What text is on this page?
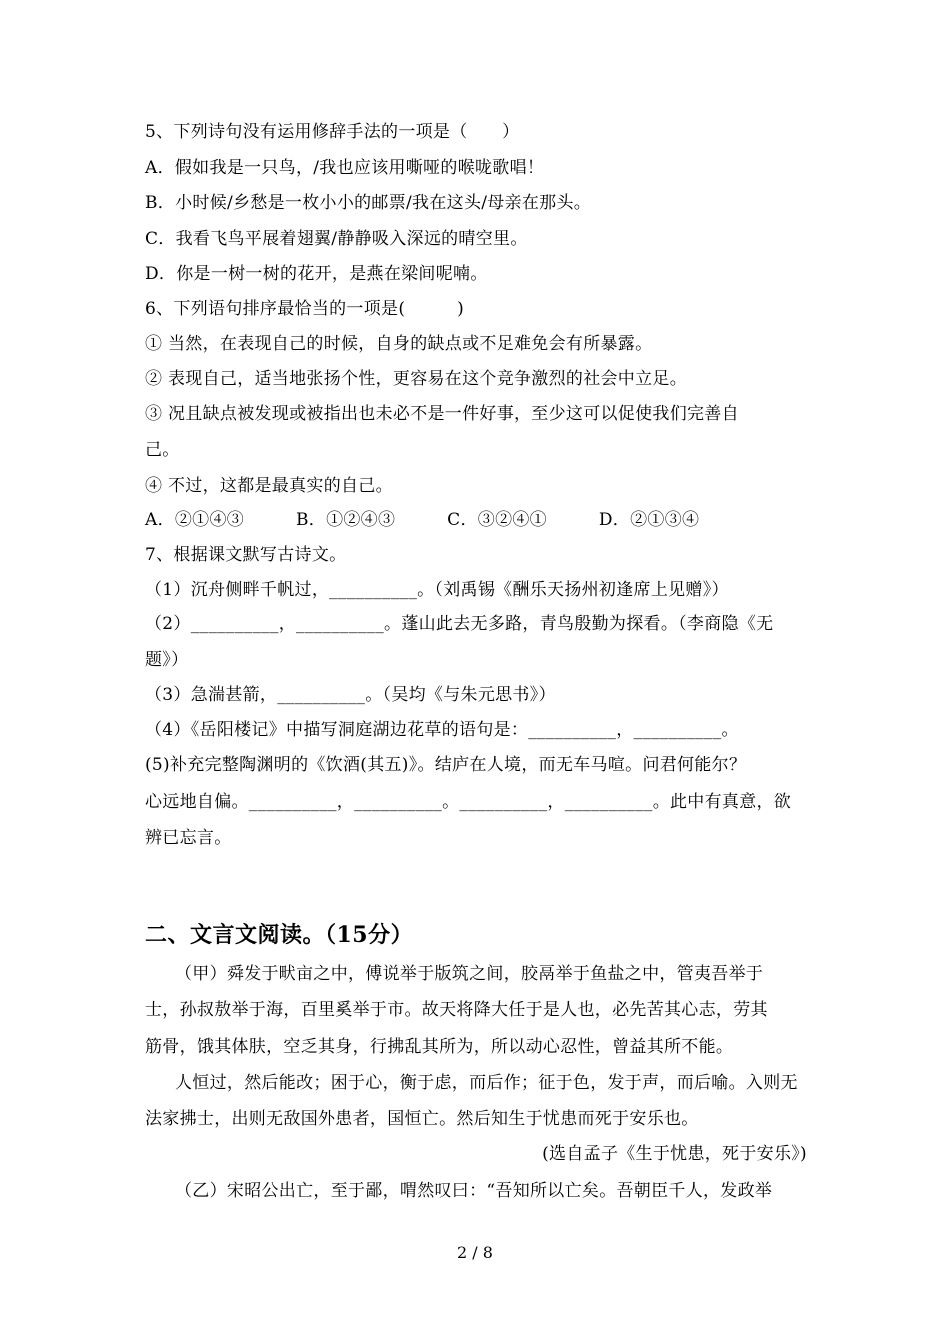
5、下列诗句没有运用修辞手法的一项是（　　）
A．假如我是一只鸟，/我也应该用嘶哑的喉咙歌唱！
B．小时候/乡愁是一枚小小的邮票/我在这头/母亲在那头。
C．我看飞鸟平展着翅翼/静静吸入深远的晴空里。
D．你是一树一树的花开，是燕在梁间呢喃。
6、下列语句排序最恰当的一项是(　　　)
① 当然，在表现自己的时候，自身的缺点或不足难免会有所暴露。
② 表现自己，适当地张扬个性，更容易在这个竞争激烈的社会中立足。
③ 况且缺点被发现或被指出也未必不是一件好事，至少这可以促使我们完善自
己。
④ 不过，这都是最真实的自己。
A．②①④③　　　B．①②④③　　　C．③②④①　　　D．②①③④
7、根据课文默写古诗文。
（1）沉舟侧畔千帆过，__________。（刘禹锡《酬乐天扬州初逢席上见赠》）
（2）__________，__________。蓬山此去无多路，青鸟殷勤为探看。（李商隐《无
题》）
（3）急湍甚箭，__________。（吴均《与朱元思书》）
（4）《岳阳楼记》中描写洞庭湖边花草的语句是：__________，__________。
(5)补充完整陶渊明的《饮酒(其五)》。结庐在人境，而无车马喧。问君何能尔？
心远地自偏。__________，__________。__________，__________。此中有真意，欲
辨已忘言。
二、文言文阅读。（15分）
（甲）舜发于畎亩之中，傅说举于版筑之间，胶鬲举于鱼盐之中，管夷吾举于
士，孙叔敖举于海，百里奚举于市。故天将降大任于是人也，必先苦其心志，劳其
筋骨，饿其体肤，空乏其身，行拂乱其所为，所以动心忍性，曾益其所不能。
人恒过，然后能改；困于心，衡于虑，而后作；征于色，发于声，而后喻。入则无
法家拂士，出则无敌国外患者，国恒亡。然后知生于忧患而死于安乐也。
(选自孟子《生于忧患，死于安乐》)
（乙）宋昭公出亡，至于鄙，喟然叹曰：“吾知所以亡矣。吾朝臣千人，发政举
2 / 8
